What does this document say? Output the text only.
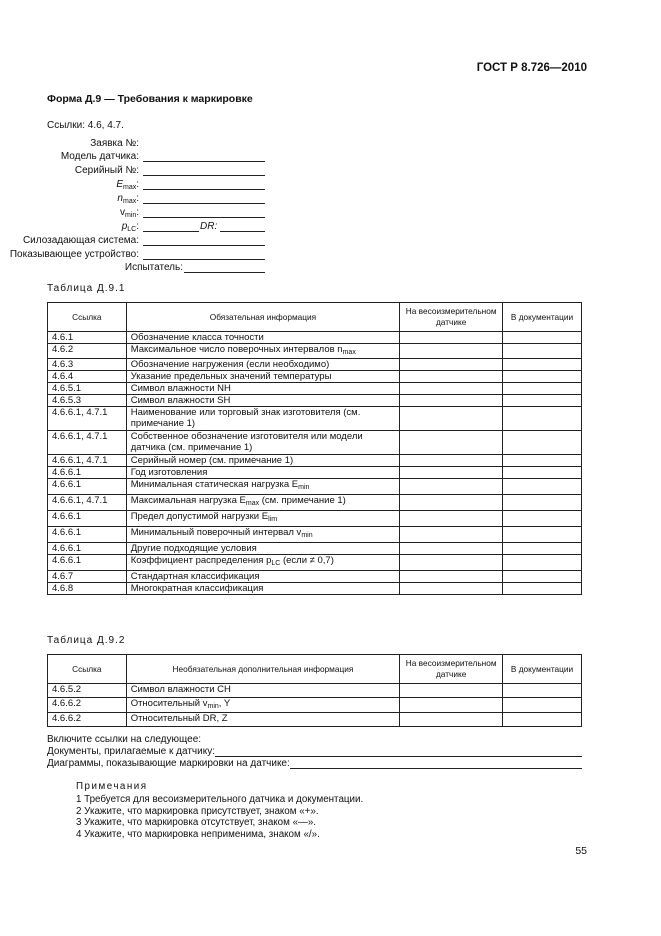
ГОСТ Р 8.726—2010
Форма Д.9 — Требования к маркировке
Ссылки: 4.6, 4.7.
Заявка №:
Модель датчика:
Серийный №:
$E_{max}$:
$n_{max}$:
$v_{min}$:
$p_{LC}$:	DR:
Силозадающая система:
Показывающее устройство:
Испытатель:
Таблица Д.9.1
Ссылка	Обязательная информация	На весоизмерительном датчике	В документации
4.6.1	Обозначение класса точности		
4.6.2	Максимальное число поверочных интервалов $n_{max}$		
4.6.3	Обозначение нагружения (если необходимо)		
4.6.4	Указание предельных значений температуры		
4.6.5.1	Символ влажности NH		
4.6.5.3	Символ влажности SH		
4.6.6.1, 4.7.1	Наименование или торговый знак изготовителя (см. примечание 1)		
4.6.6.1, 4.7.1	Собственное обозначение изготовителя или модели датчика (см. примечание 1)		
4.6.6.1, 4.7.1	Серийный номер (см. примечание 1)		
4.6.6.1	Год изготовления		
4.6.6.1	Минимальная статическая нагрузка $E_{min}$		
4.6.6.1, 4.7.1	Максимальная нагрузка $E_{max}$ (см. примечание 1)		
4.6.6.1	Предел допустимой нагрузки $E_{lim}$		
4.6.6.1	Минимальный поверочный интервал $v_{min}$		
4.6.6.1	Другие подходящие условия		
4.6.6.1	Коэффициент распределения $p_{LC}$ (если ≠ 0,7)		
4.6.7	Стандартная классификация		
4.6.8	Многократная классификация		
Таблица Д.9.2
Ссылка	Необязательная дополнительная информация	На весоизмерительном датчике	В документации
4.6.5.2	Символ влажности CH		
4.6.6.2	Относительный $v_{min}$, Y		
4.6.6.2	Относительный DR, Z		
Включите ссылки на следующее:
Документы, прилагаемые к датчику:
Диаграммы, показывающие маркировки на датчике:
Примечания
1 Требуется для весоизмерительного датчика и документации.
2 Укажите, что маркировка присутствует, знаком «+».
3 Укажите, что маркировка отсутствует, знаком «—».
4 Укажите, что маркировка неприменима, знаком «/».
55
